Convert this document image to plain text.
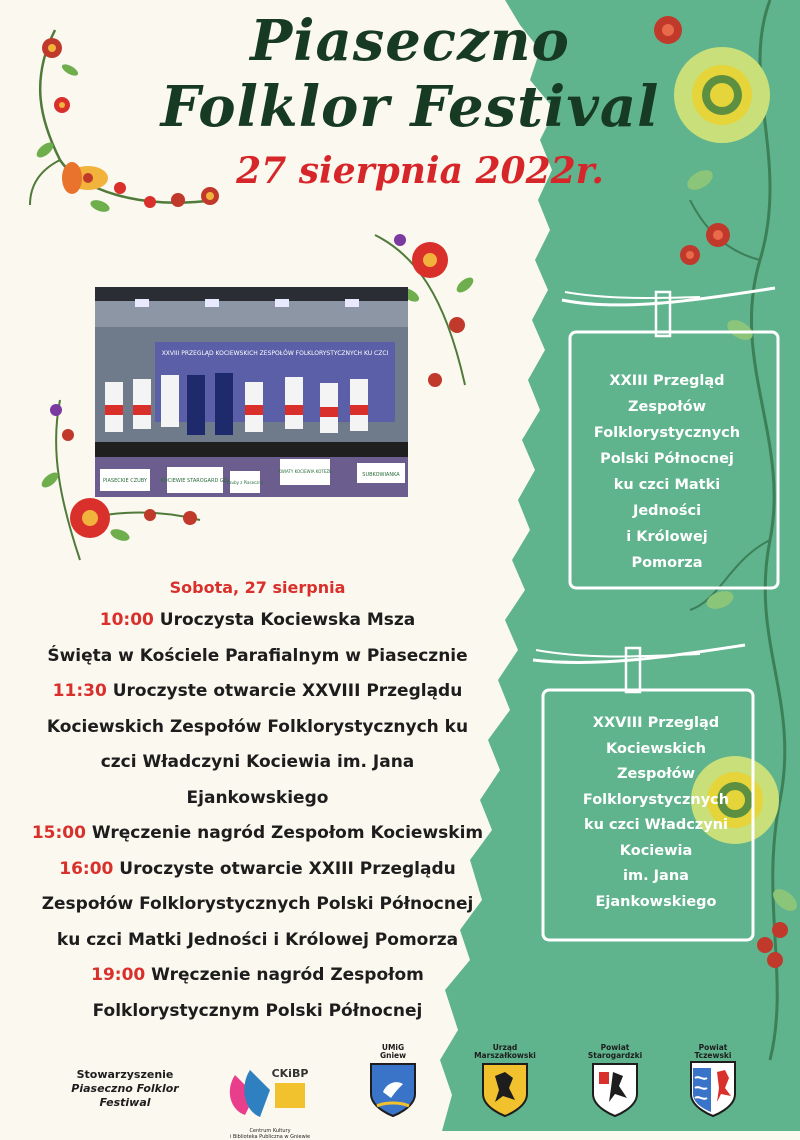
Piaseczno
Folklor Festival
27 sierpnia 2022r.
XXVIII PRZEGLĄD KOCIEWSKICH ZESPOŁÓW FOLKLORYSTYCZNYCH KU CZCI
PIASECKIE CZUBY	KOCIEWIE STAROGARD GD.
Czuby z Piaseczna
KWIATY KOCIEWIA KOTEŻE
SUBKOWIANKA
XXIII Przegląd
Zespołów
Folklorystycznych
Polski Północnej
ku czci Matki
Jedności
i Królowej
Pomorza
XXVIII Przegląd
Kociewskich
Zespołów
Folklorystycznych
ku czci Władczyni
Kociewia
im. Jana
Ejankowskiego
Sobota, 27 sierpnia
10:00 Uroczysta Kociewska Msza
Święta w Kościele Parafialnym w Piasecznie
11:30 Uroczyste otwarcie XXVIII Przeglądu
Kociewskich Zespołów Folklorystycznych ku
czci Władczyni Kociewia im. Jana
Ejankowskiego
15:00 Wręczenie nagród Zespołom Kociewskim
16:00 Uroczyste otwarcie XXIII Przeglądu
Zespołów Folklorystycznych Polski Północnej
ku czci Matki Jedności i Królowej Pomorza
19:00 Wręczenie nagród Zespołom
Folklorystycznym Polski Północnej
Stowarzyszenie
Piaseczno Folklor
Festiwal
CKiBP
Centrum Kultury
i Biblioteka Publiczna w Gniewie
UMiG
Gniew
Urząd
Marszałkowski
Powiat
Starogardzki
Powiat
Tczewski
